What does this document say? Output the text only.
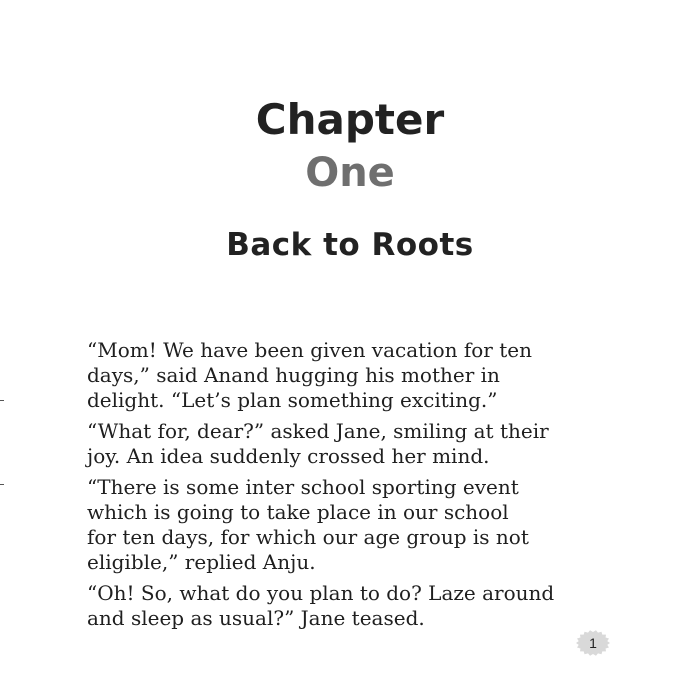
Chapter
One
Back to Roots

“Mom! We have been given vacation for ten
days,” said Anand hugging his mother in
delight. “Let’s plan something exciting.”

“What for, dear?” asked Jane, smiling at their
joy. An idea suddenly crossed her mind.

“There is some inter school sporting event
which is going to take place in our school
for ten days, for which our age group is not
eligible,” replied Anju.

“Oh! So, what do you plan to do? Laze around
and sleep as usual?” Jane teased.

1
